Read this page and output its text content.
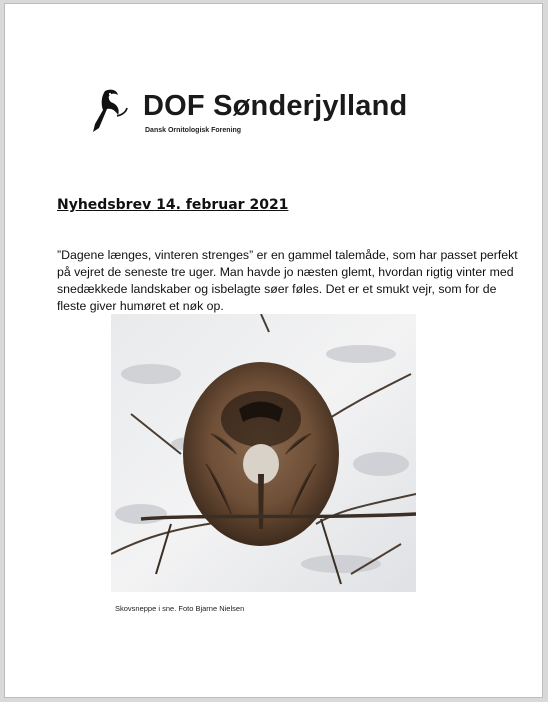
DOF Sønderjylland
Dansk Ornitologisk Forening
Nyhedsbrev 14. februar 2021

”Dagene længes, vinteren strenges” er en gammel talemåde, som har passet perfekt på vejret de seneste tre uger. Man havde jo næsten glemt, hvordan rigtig vinter med snedækkede landskaber og isbelagte søer føles. Det er et smukt vejr, som for de fleste giver humøret et nøk op.

Skovsneppe i sne. Foto Bjarne Nielsen
